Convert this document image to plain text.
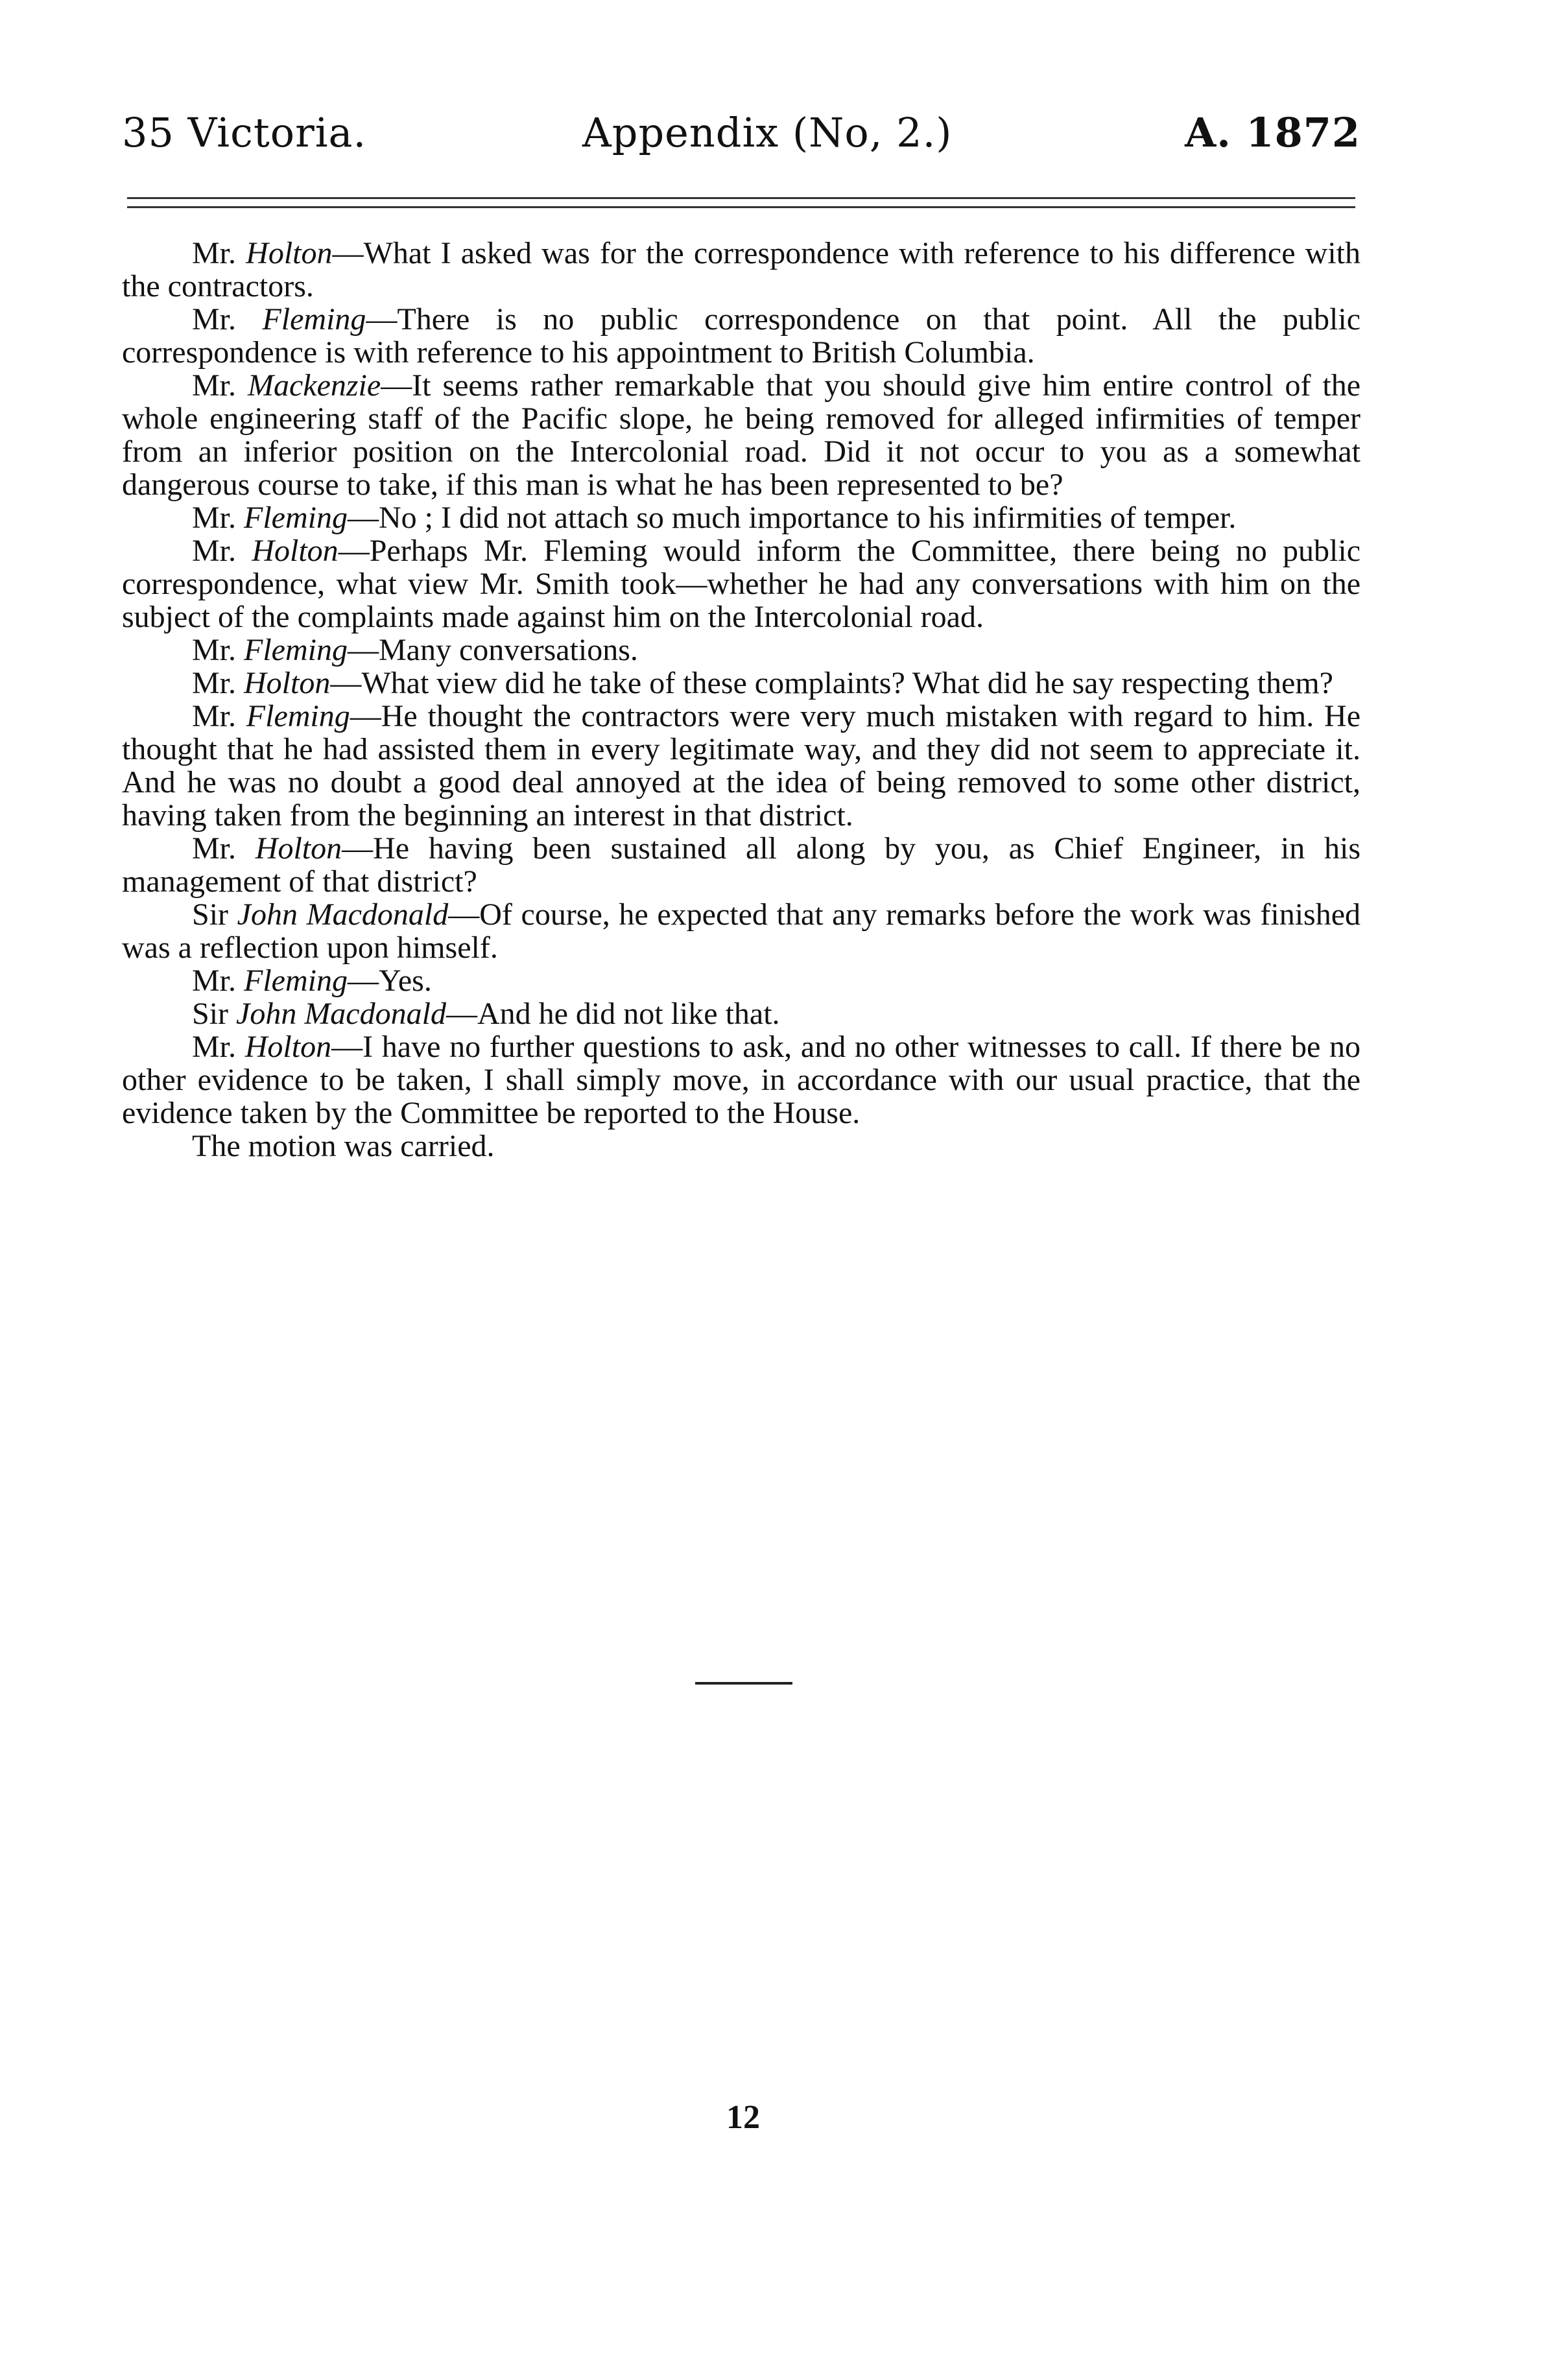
35 Victoria.	Appendix (No, 2.)	A. 1872

Mr. Holton—What I asked was for the correspondence with reference to his difference with the contractors.

Mr. Fleming—There is no public correspondence on that point. All the public correspondence is with reference to his appointment to British Columbia.

Mr. Mackenzie—It seems rather remarkable that you should give him entire control of the whole engineering staff of the Pacific slope, he being removed for alleged infirmities of temper from an inferior position on the Intercolonial road. Did it not occur to you as a somewhat dangerous course to take, if this man is what he has been represented to be?

Mr. Fleming—No ; I did not attach so much importance to his infirmities of temper.

Mr. Holton—Perhaps Mr. Fleming would inform the Committee, there being no public correspondence, what view Mr. Smith took—whether he had any conversations with him on the subject of the complaints made against him on the Intercolonial road.

Mr. Fleming—Many conversations.

Mr. Holton—What view did he take of these complaints? What did he say respecting them?

Mr. Fleming—He thought the contractors were very much mistaken with regard to him. He thought that he had assisted them in every legitimate way, and they did not seem to appreciate it. And he was no doubt a good deal annoyed at the idea of being removed to some other district, having taken from the beginning an interest in that district.

Mr. Holton—He having been sustained all along by you, as Chief Engineer, in his management of that district?

Sir John Macdonald—Of course, he expected that any remarks before the work was finished was a reflection upon himself.

Mr. Fleming—Yes.

Sir John Macdonald—And he did not like that.

Mr. Holton—I have no further questions to ask, and no other witnesses to call. If there be no other evidence to be taken, I shall simply move, in accordance with our usual practice, that the evidence taken by the Committee be reported to the House.

The motion was carried.

12
